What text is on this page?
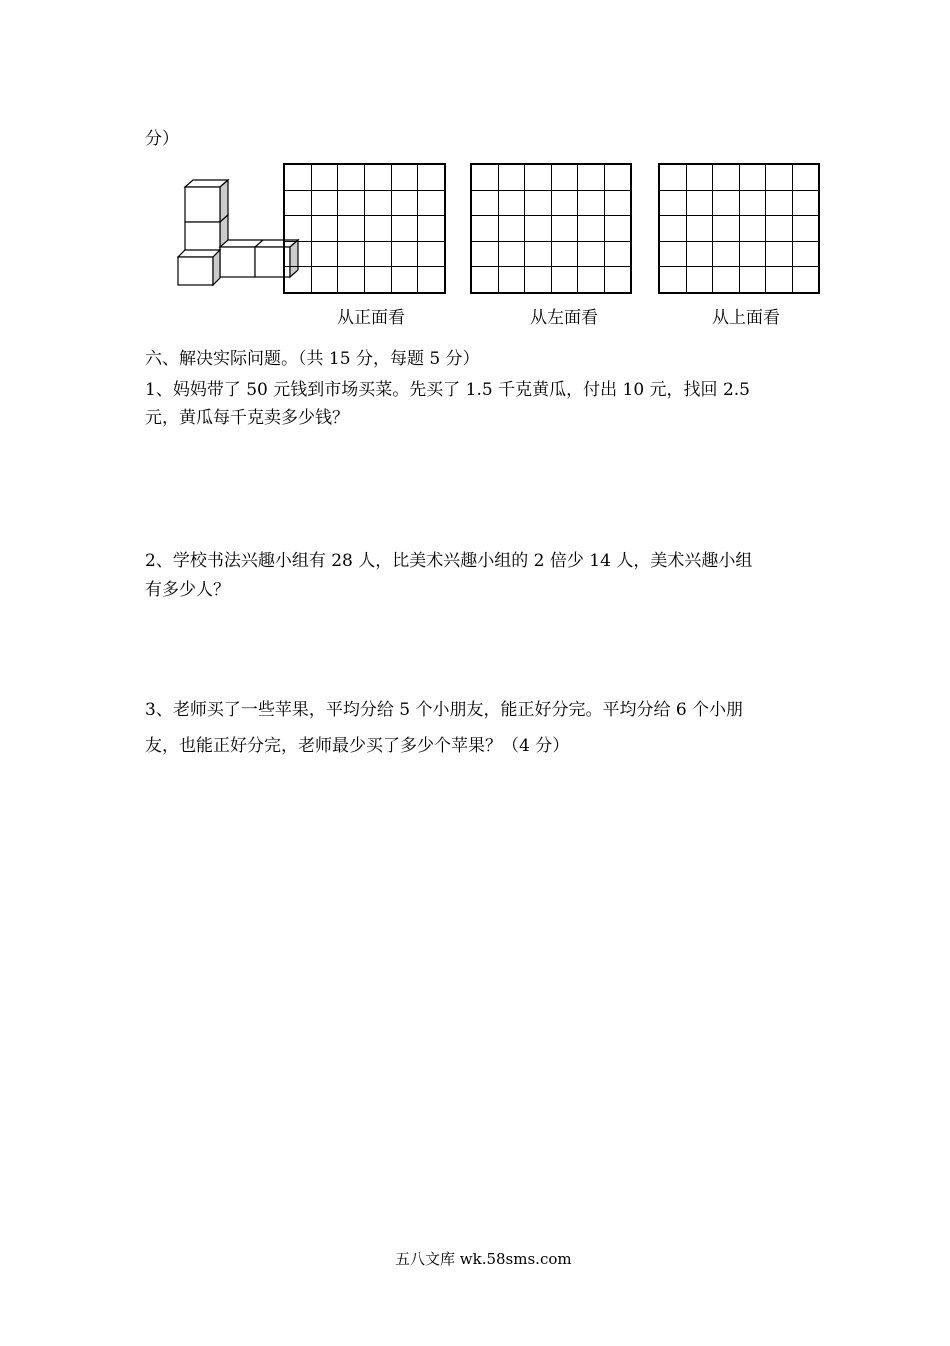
分）

从正面看	从左面看	从上面看
六、解决实际问题。（共 15 分，每题 5 分）
1、妈妈带了 50 元钱到市场买菜。先买了 1.5 千克黄瓜，付出 10 元，找回 2.5
元，黄瓜每千克卖多少钱？
2、学校书法兴趣小组有 28 人，比美术兴趣小组的 2 倍少 14 人，美术兴趣小组
有多少人？
3、老师买了一些苹果，平均分给 5 个小朋友，能正好分完。平均分给 6 个小朋
友，也能正好分完，老师最少买了多少个苹果？（4 分）
五八文库 wk.58sms.com
